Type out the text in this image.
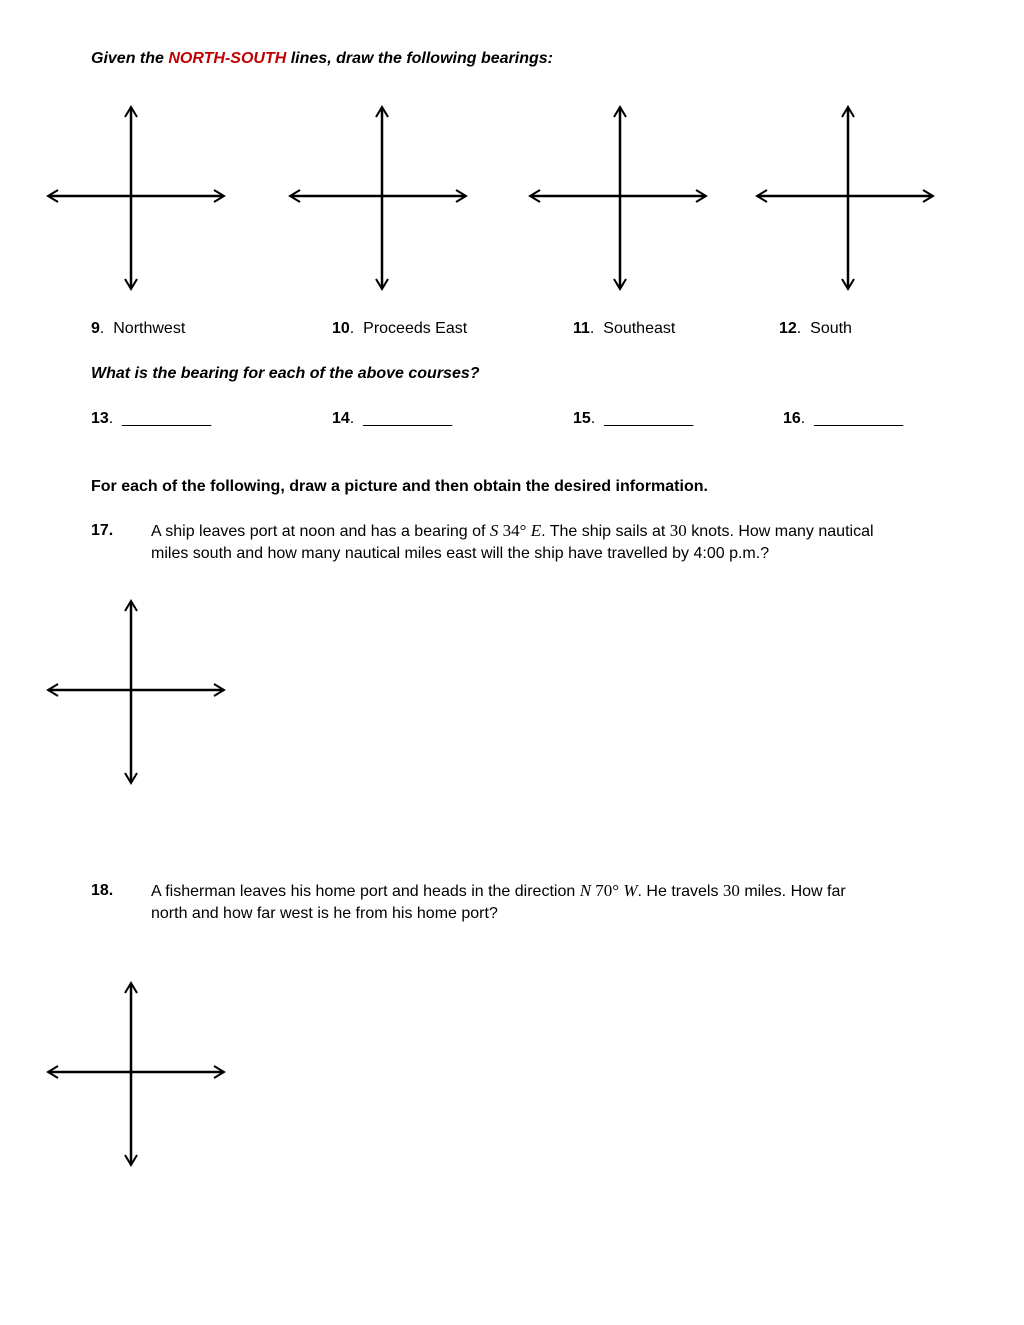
Given the NORTH-SOUTH lines, draw the following bearings:
9.  Northwest	10.  Proceeds East	11.  Southeast	12.  South
What is the bearing for each of the above courses?
13.  __________	14.  __________	15.  __________	16.  __________
For each of the following, draw a picture and then obtain the desired information.
17. A ship leaves port at noon and has a bearing of S 34° E. The ship sails at 30 knots. How many nautical
miles south and how many nautical miles east will the ship have travelled by 4:00 p.m.?
18. A fisherman leaves his home port and heads in the direction N 70° W. He travels 30 miles. How far
north and how far west is he from his home port?
